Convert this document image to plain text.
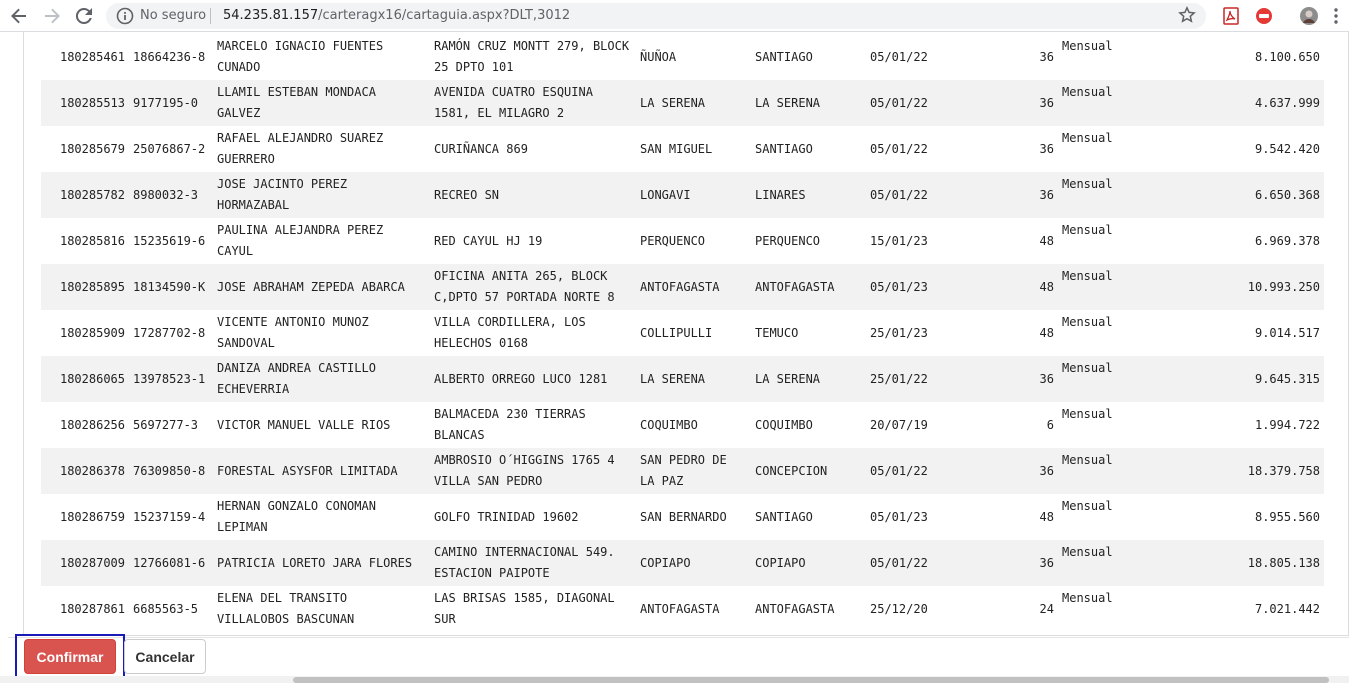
No seguro 54.235.81.157/carteragx16/cartaguia.aspx?DLT,3012
180285461	18664236-8	MARCELO IGNACIO FUENTES CUNADO	RAMÓN CRUZ MONTT 279, BLOCK 25 DPTO 101	ÑUÑOA	SANTIAGO	05/01/22	36	Mensual	8.100.650
180285513	9177195-0	LLAMIL ESTEBAN MONDACA GALVEZ	AVENIDA CUATRO ESQUINA 1581, EL MILAGRO 2	LA SERENA	LA SERENA	05/01/22	36	Mensual	4.637.999
180285679	25076867-2	RAFAEL ALEJANDRO SUAREZ GUERRERO	CURIÑANCA 869	SAN MIGUEL	SANTIAGO	05/01/22	36	Mensual	9.542.420
180285782	8980032-3	JOSE JACINTO PEREZ HORMAZABAL	RECREO SN	LONGAVI	LINARES	05/01/22	36	Mensual	6.650.368
180285816	15235619-6	PAULINA ALEJANDRA PEREZ CAYUL	RED CAYUL HJ 19	PERQUENCO	PERQUENCO	15/01/23	48	Mensual	6.969.378
180285895	18134590-K	JOSE ABRAHAM ZEPEDA ABARCA	OFICINA ANITA 265, BLOCK C,DPTO 57 PORTADA NORTE 8	ANTOFAGASTA	ANTOFAGASTA	05/01/23	48	Mensual	10.993.250
180285909	17287702-8	VICENTE ANTONIO MUNOZ SANDOVAL	VILLA CORDILLERA, LOS HELECHOS 0168	COLLIPULLI	TEMUCO	25/01/23	48	Mensual	9.014.517
180286065	13978523-1	DANIZA ANDREA CASTILLO ECHEVERRIA	ALBERTO ORREGO LUCO 1281	LA SERENA	LA SERENA	25/01/22	36	Mensual	9.645.315
180286256	5697277-3	VICTOR MANUEL VALLE RIOS	BALMACEDA 230 TIERRAS BLANCAS	COQUIMBO	COQUIMBO	20/07/19	6	Mensual	1.994.722
180286378	76309850-8	FORESTAL ASYSFOR LIMITADA	AMBROSIO O´HIGGINS 1765 4 VILLA SAN PEDRO	SAN PEDRO DE LA PAZ	CONCEPCION	05/01/22	36	Mensual	18.379.758
180286759	15237159-4	HERNAN GONZALO CONOMAN LEPIMAN	GOLFO TRINIDAD 19602	SAN BERNARDO	SANTIAGO	05/01/23	48	Mensual	8.955.560
180287009	12766081-6	PATRICIA LORETO JARA FLORES	CAMINO INTERNACIONAL 549. ESTACION PAIPOTE	COPIAPO	COPIAPO	05/01/22	36	Mensual	18.805.138
180287861	6685563-5	ELENA DEL TRANSITO VILLALOBOS BASCUNAN	LAS BRISAS 1585, DIAGONAL SUR	ANTOFAGASTA	ANTOFAGASTA	25/12/20	24	Mensual	7.021.442
Confirmar	Cancelar
